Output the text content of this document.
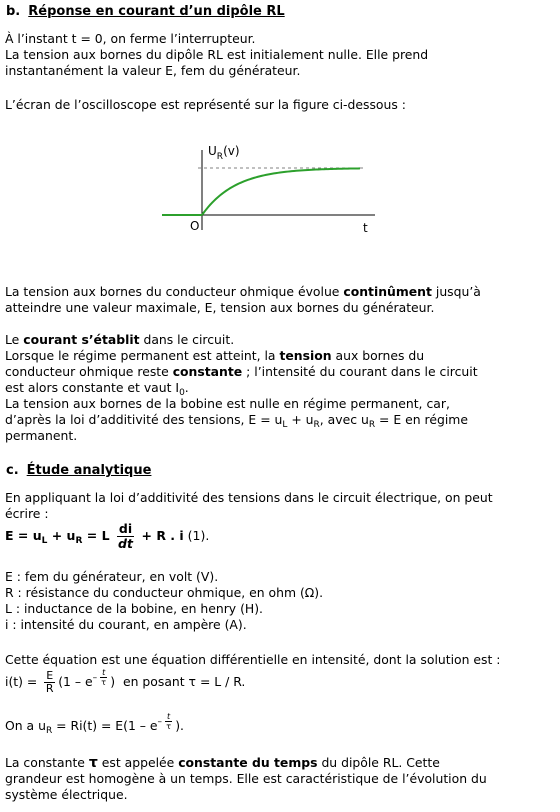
b. Réponse en courant d’un dipôle RL
À l’instant t = 0, on ferme l’interrupteur.
La tension aux bornes du dipôle RL est initialement nulle. Elle prend
instantanément la valeur E, fem du générateur.
L’écran de l’oscilloscope est représenté sur la figure ci-dessous :
$U_R(v)$
O	t
La tension aux bornes du conducteur ohmique évolue continûment jusqu’à
atteindre une valeur maximale, E, tension aux bornes du générateur.
Le courant s’établit dans le circuit.
Lorsque le régime permanent est atteint, la tension aux bornes du
conducteur ohmique reste constante ; l’intensité du courant dans le circuit
est alors constante et vaut $I_0$.
La tension aux bornes de la bobine est nulle en régime permanent, car,
d’après la loi d’additivité des tensions, $E = u_L + u_R$, avec $u_R = E$ en régime
permanent.
c. Étude analytique
En appliquant la loi d’additivité des tensions dans le circuit électrique, on peut
écrire :
$E = u_L + u_R = L \frac{di}{dt} + R$ . i (1).
E : fem du générateur, en volt (V).
R : résistance du conducteur ohmique, en ohm (Ω).
L : inductance de la bobine, en henry (H).
i : intensité du courant, en ampère (A).
Cette équation est une équation différentielle en intensité, dont la solution est :
$i(t) = \frac{E}{R} (1 - e- \frac{t}{\tau}$ ) en posant τ = L / R.
On a $u_R = Ri(t) = E(1 - e- \frac{t}{\tau}$ ).
La constante τ est appelée constante du temps du dipôle RL. Cette
grandeur est homogène à un temps. Elle est caractéristique de l’évolution du
système électrique.
